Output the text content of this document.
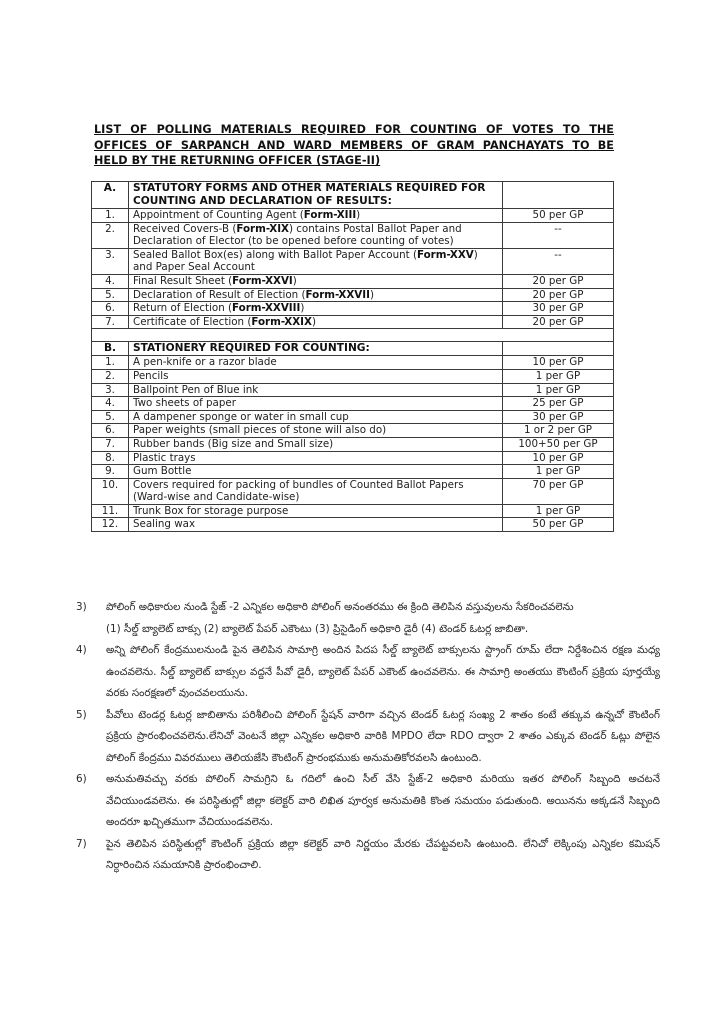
LIST OF POLLING MATERIALS REQUIRED FOR COUNTING OF VOTES TO THE OFFICES OF SARPANCH AND WARD MEMBERS OF GRAM PANCHAYATS TO BE
HELD BY THE RETURNING OFFICER (STAGE-II)
A.	STATUTORY FORMS AND OTHER MATERIALS REQUIRED FOR COUNTING AND DECLARATION OF RESULTS:	
1.	Appointment of Counting Agent (Form-XIII)	50 per GP
2.	Received Covers-B (Form-XIX) contains Postal Ballot Paper and Declaration of Elector (to be opened before counting of votes)	--
3.	Sealed Ballot Box(es) along with Ballot Paper Account (Form-XXV) and Paper Seal Account	--
4.	Final Result Sheet (Form-XXVI)	20 per GP
5.	Declaration of Result of Election (Form-XXVII)	20 per GP
6.	Return of Election (Form-XXVIII)	30 per GP
7.	Certificate of Election (Form-XXIX)	20 per GP

B.	STATIONERY REQUIRED FOR COUNTING:	
1.	A pen-knife or a razor blade	10 per GP
2.	Pencils	1 per GP
3.	Ballpoint Pen of Blue ink	1 per GP
4.	Two sheets of paper	25 per GP
5.	A dampener sponge or water in small cup	30 per GP
6.	Paper weights (small pieces of stone will also do)	1 or 2 per GP
7.	Rubber bands (Big size and Small size)	100+50 per GP
8.	Plastic trays	10 per GP
9.	Gum Bottle	1 per GP
10.	Covers required for packing of bundles of Counted Ballot Papers (Ward-wise and Candidate-wise)	70 per GP
11.	Trunk Box for storage purpose	1 per GP
12.	Sealing wax	50 per GP
3)	పోలింగ్ అధికారుల నుండి స్టేజ్ -2 ఎన్నికల అధికారి పోలింగ్ అనంతరము ఈ క్రింది తెలిపిన వస్తువులను సేకరించవలెను
(1) సీల్డ్ బ్యాలెట్ బాక్సు (2) బ్యాలెట్ పేపర్ ఎకౌంటు (3) ప్రిసైడింగ్ అధికారి డైరీ (4) టెండర్ ఓటర్ల జాబితా.
4)	అన్ని పోలింగ్ కేంద్రములనుండి పైన తెలిపిన సామాగ్రి అందిన పిదప సీల్డ్ బ్యాలెట్ బాక్సులను స్ట్రాంగ్ రూమ్ లేదా నిర్దేశించిన రక్షణ మధ్య ఉంచవలెను. సీల్డ్ బ్యాలెట్ బాక్సుల వద్దనే పీవో డైరీ, బ్యాలెట్ పేపర్ ఎకౌంట్ ఉంచవలెను. ఈ సామాగ్రి అంతయు కౌంటింగ్ ప్రక్రియ పూర్తయ్యే వరకు సంరక్షణలో వుంచవలయును.
5)	పీవోలు టెండర్ల ఓటర్ల జాబితాను పరిశీలించి పోలింగ్ స్టేషన్ వారిగా వచ్చిన టెండర్ ఓటర్ల సంఖ్య 2 శాతం కంటే తక్కువ ఉన్నచో కౌంటింగ్ ప్రక్రియ ప్రారంభించవలెను.లేనిచో వెంటనే జిల్లా ఎన్నికల అధికారి వారికి MPDO లేదా RDO ద్వారా 2 శాతం ఎక్కువ టెండర్ ఓట్లు పోలైన పోలింగ్ కేంద్రము వివరములు తెలియజేసి కౌంటింగ్ ప్రారంభముకు అనుమతికోరవలసి ఉంటుంది.
6)	అనుమతివచ్చు వరకు పోలింగ్ సామగ్రిని ఓ గదిలో ఉంచి సీల్ వేసి స్టేజ్-2 అధికారి మరియు ఇతర పోలింగ్ సిబ్బంది అచటనే వేచియుండవలెను. ఈ పరిస్థితుల్లో జిల్లా కలెక్టర్ వారి లిఖిత పూర్వక అనుమతికి కొంత సమయం పడుతుంది. అయినను అక్కడనే సిబ్బంది అందరూ ఖచ్చితముగా వేచియుండవలెను.
7)	పైన తెలిపిన పరిస్థితుల్లో కౌంటింగ్ ప్రక్రియ జిల్లా కలెక్టర్ వారి నిర్ణయం మేరకు చేపట్టవలసి ఉంటుంది. లేనిచో లెక్కింపు ఎన్నికల కమిషన్ నిర్ధారించిన సమయానికి ప్రారంభించాలి.
